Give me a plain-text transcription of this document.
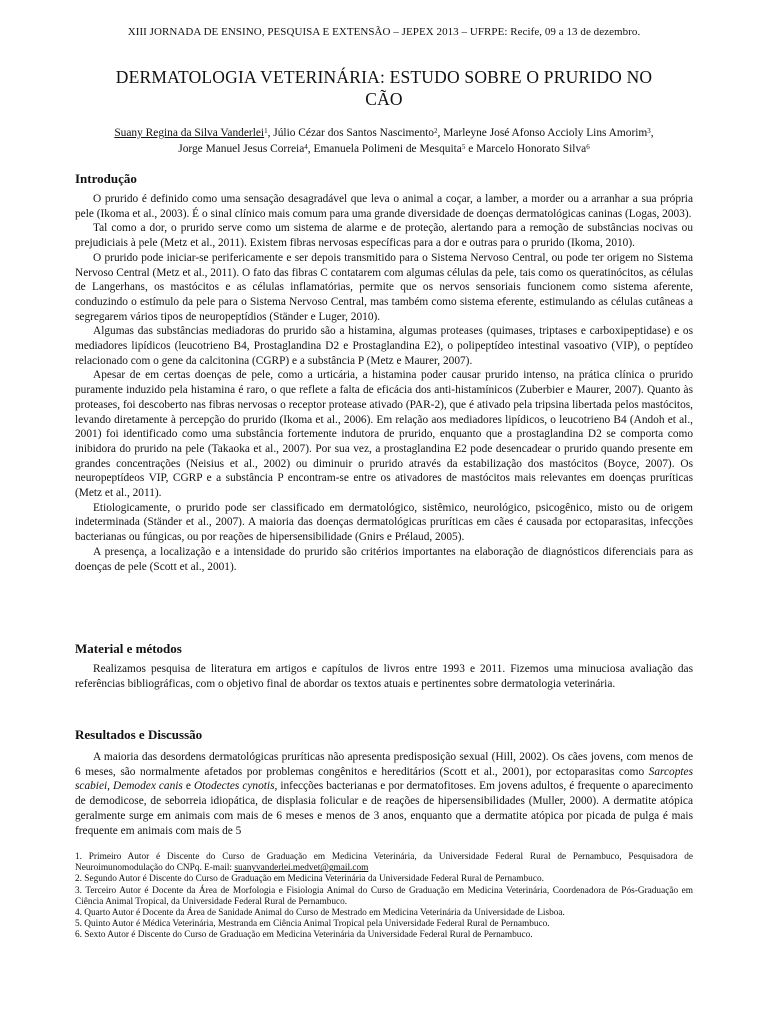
XIII JORNADA DE ENSINO, PESQUISA E EXTENSÃO – JEPEX 2013 – UFRPE: Recife, 09 a 13 de dezembro.
DERMATOLOGIA VETERINÁRIA: ESTUDO SOBRE O PRURIDO NO CÃO
Suany Regina da Silva Vanderlei$^1$, Júlio Cézar dos Santos Nascimento$^2$, Marleyne José Afonso Accioly Lins Amorim$^3$,
Jorge Manuel Jesus Correia$^4$, Emanuela Polimeni de Mesquita$^5$ e Marcelo Honorato Silva$^6$
Introdução

O prurido é definido como uma sensação desagradável que leva o animal a coçar, a lamber, a morder ou a arranhar a sua própria pele (Ikoma et al., 2003). É o sinal clínico mais comum para uma grande diversidade de doenças dermatológicas caninas (Logas, 2003).

Tal como a dor, o prurido serve como um sistema de alarme e de proteção, alertando para a remoção de substâncias nocivas ou prejudiciais à pele (Metz et al., 2011). Existem fibras nervosas específicas para a dor e outras para o prurido (Ikoma, 2010).

O prurido pode iniciar-se perifericamente e ser depois transmitido para o Sistema Nervoso Central, ou pode ter origem no Sistema Nervoso Central (Metz et al., 2011). O fato das fibras C contatarem com algumas células da pele, tais como os queratinócitos, as células de Langerhans, os mastócitos e as células inflamatórias, permite que os nervos sensoriais funcionem como sistema aferente, conduzindo o estímulo da pele para o Sistema Nervoso Central, mas também como sistema eferente, estimulando as células cutâneas a segregarem vários tipos de neuropeptídios (Ständer e Luger, 2010).

Algumas das substâncias mediadoras do prurido são a histamina, algumas proteases (quimases, triptases e carboxipeptidase) e os mediadores lipídicos (leucotrieno B4, Prostaglandina D2 e Prostaglandina E2), o polipeptídeo intestinal vasoativo (VIP), o peptídeo relacionado com o gene da calcitonina (CGRP) e a substância P (Metz e Maurer, 2007).

Apesar de em certas doenças de pele, como a urticária, a histamina poder causar prurido intenso, na prática clínica o prurido puramente induzido pela histamina é raro, o que reflete a falta de eficácia dos anti-histamínicos (Zuberbier e Maurer, 2007). Quanto às proteases, foi descoberto nas fibras nervosas o receptor protease ativado (PAR-2), que é ativado pela tripsina libertada pelos mastócitos, levando diretamente à percepção do prurido (Ikoma et al., 2006). Em relação aos mediadores lipídicos, o leucotrieno B4 (Andoh et al., 2001) foi identificado como uma substância fortemente indutora de prurido, enquanto que a prostaglandina D2 se comporta como inibidora do prurido na pele (Takaoka et al., 2007). Por sua vez, a prostaglandina E2 pode desencadear o prurido quando presente em grandes concentrações (Neisius et al., 2002) ou diminuir o prurido através da estabilização dos mastócitos (Boyce, 2007). Os neuropeptídeos VIP, CGRP e a substância P encontram-se entre os ativadores de mastócitos mais relevantes em doenças pruríticas (Metz et al., 2011).

Etiologicamente, o prurido pode ser classificado em dermatológico, sistêmico, neurológico, psicogênico, misto ou de origem indeterminada (Ständer et al., 2007). A maioria das doenças dermatológicas pruríticas em cães é causada por ectoparasitas, infecções bacterianas ou fúngicas, ou por reações de hipersensibilidade (Gnirs e Prélaud, 2005).

A presença, a localização e a intensidade do prurido são critérios importantes na elaboração de diagnósticos diferenciais para as doenças de pele (Scott et al., 2001).

Material e métodos

Realizamos pesquisa de literatura em artigos e capítulos de livros entre 1993 e 2011. Fizemos uma minuciosa avaliação das referências bibliográficas, com o objetivo final de abordar os textos atuais e pertinentes sobre dermatologia veterinária.

Resultados e Discussão

A maioria das desordens dermatológicas pruríticas não apresenta predisposição sexual (Hill, 2002). Os cães jovens, com menos de 6 meses, são normalmente afetados por problemas congênitos e hereditários (Scott et al., 2001), por ectoparasitas como Sarcoptes scabiei, Demodex canis e Otodectes cynotis, infecções bacterianas e por dermatofitoses. Em jovens adultos, é frequente o aparecimento de demodicose, de seborreia idiopática, de displasia folicular e de reações de hipersensibilidades (Muller, 2000). A dermatite atópica geralmente surge em animais com mais de 6 meses e menos de 3 anos, enquanto que a dermatite atópica por picada de pulga é mais frequente em animais com mais de 5

1. Primeiro Autor é Discente do Curso de Graduação em Medicina Veterinária, da Universidade Federal Rural de Pernambuco, Pesquisadora de Neuroimunomodulação do CNPq. E-mail: suanyvanderlei.medvet@gmail.com

2. Segundo Autor é Discente do Curso de Graduação em Medicina Veterinária da Universidade Federal Rural de Pernambuco.

3. Terceiro Autor é Docente da Área de Morfologia e Fisiologia Animal do Curso de Graduação em Medicina Veterinária, Coordenadora de Pós-Graduação em Ciência Animal Tropical, da Universidade Federal Rural de Pernambuco.

4. Quarto Autor é Docente da Área de Sanidade Animal do Curso de Mestrado em Medicina Veterinária da Universidade de Lisboa.

5. Quinto Autor é Médica Veterinária, Mestranda em Ciência Animal Tropical pela Universidade Federal Rural de Pernambuco.

6. Sexto Autor é Discente do Curso de Graduação em Medicina Veterinária da Universidade Federal Rural de Pernambuco.
